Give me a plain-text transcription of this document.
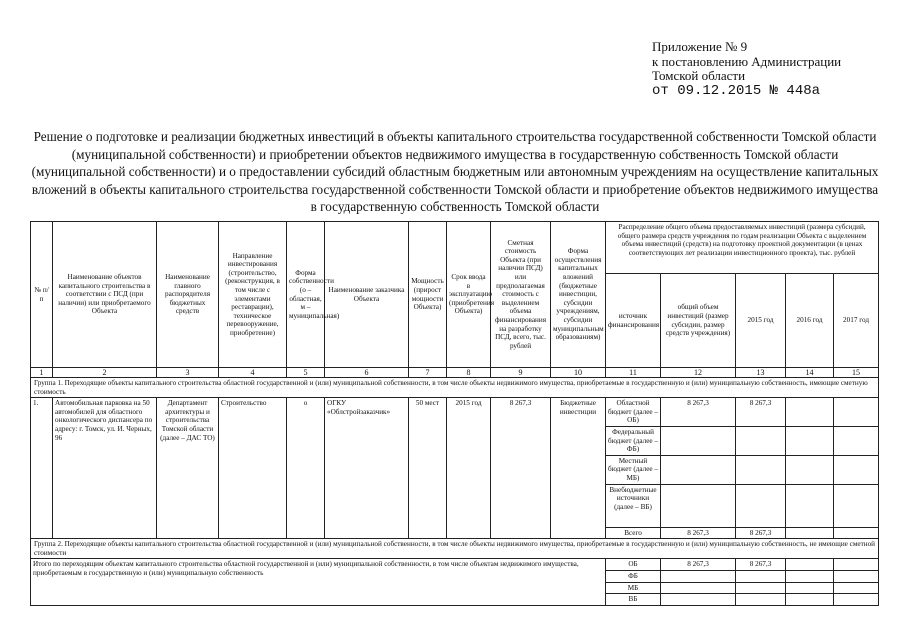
Приложение № 9
к постановлению Администрации
Томской области
от 09.12.2015 № 448а
Решение о подготовке и реализации бюджетных инвестиций в объекты капитального строительства государственной собственности Томской области (муниципальной собственности) и приобретении объектов недвижимого имущества в государственную собственность Томской области (муниципальной собственности) и о предоставлении субсидий областным бюджетным или автономным учреждениям на осуществление капитальных вложений в объекты капитального строительства государственной собственности Томской области и приобретение объектов недвижимого имущества в государственную собственность Томской области
№ п/п	Наименование объектов капитального строительства в соответствии с ПСД (при наличии) или приобретаемого Объекта	Наименование главного распорядителя бюджетных средств	Направление инвестирования (строительство, (реконструкция, в том числе с элементами реставрации), техническое перевооружение, приобретение)	Форма собственности (о – областная, м – муниципальная)	Наименование заказчика Объекта	Мощность (прирост мощности Объекта)	Срок ввода в эксплуатацию (приобретения Объекта)	Сметная стоимость Объекта (при наличии ПСД) или предполагаемая стоимость с выделением объема финансирования на разработку ПСД, всего, тыс. рублей	Форма осуществления капитальных вложений (бюджетные инвестиции, субсидии учреждениям, субсидии муниципальным образованиям)	Распределение общего объема предоставляемых инвестиций (размера субсидий, общего размера средств учреждения по годам реализации Объекта с выделением объема инвестиций (средств) на подготовку проектной документации (в ценах соответствующих лет реализации инвестиционного проекта), тыс. рублей				
										источник финансирования	общий объем инвестиций (размер субсидии, размер средств учреждения)	2015 год	2016 год	2017 год
1	2	3	4	5	6	7	8	9	10	11	12	13	14	15
Группа 1. Переходящие объекты капитального строительства областной государственной и (или) муниципальной собственности, в том числе объекты недвижимого имущества, приобретаемые в государственную и (или) муниципальную собственность, имеющие сметную стоимость														
1.	Автомобильная парковка на 50 автомобилей для областного онкологического диспансера по адресу: г. Томск, ул. И. Черных, 96	Департамент архитектуры и строительства Томской области (далее – ДАС ТО)	Строительство	о	ОГКУ «Облстройзаказчик»	50 мест	2015 год	8 267,3	Бюджетные инвестиции	Областной бюджет (далее – ОБ)	8 267,3	8 267,3		
										Федеральный бюджет (далее – ФБ)				
										Местный бюджет (далее – МБ)				
										Внебюджетные источники (далее – ВБ)				
										Всего	8 267,3	8 267,3		
Группа 2. Переходящие объекты капитального строительства областной государственной и (или) муниципальной собственности, в том числе объекты недвижимого имущества, приобретаемые в государственную и (или) муниципальную собственность, не имеющие сметной стоимости														
Итого по переходящим объектам капитального строительства областной государственной и (или) муниципальной собственности, в том числе объектам недвижимого имущества, приобретаемым в государственную и (или) муниципальную собственность										ОБ	8 267,3	8 267,3		
										ФБ				
										МБ				
										ВБ				
